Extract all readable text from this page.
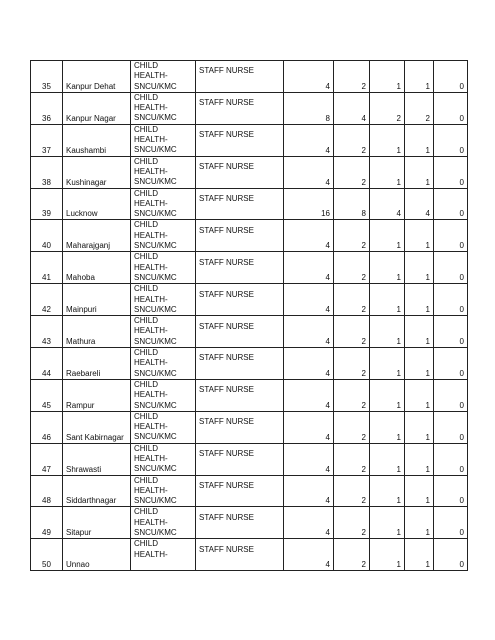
35	Kanpur Dehat	CHILD
HEALTH-
SNCU/KMC	STAFF NURSE	4	2	1	1	0
36	Kanpur Nagar	CHILD
HEALTH-
SNCU/KMC	STAFF NURSE	8	4	2	2	0
37	Kaushambi	CHILD
HEALTH-
SNCU/KMC	STAFF NURSE	4	2	1	1	0
38	Kushinagar	CHILD
HEALTH-
SNCU/KMC	STAFF NURSE	4	2	1	1	0
39	Lucknow	CHILD
HEALTH-
SNCU/KMC	STAFF NURSE	16	8	4	4	0
40	Maharajganj	CHILD
HEALTH-
SNCU/KMC	STAFF NURSE	4	2	1	1	0
41	Mahoba	CHILD
HEALTH-
SNCU/KMC	STAFF NURSE	4	2	1	1	0
42	Mainpuri	CHILD
HEALTH-
SNCU/KMC	STAFF NURSE	4	2	1	1	0
43	Mathura	CHILD
HEALTH-
SNCU/KMC	STAFF NURSE	4	2	1	1	0
44	Raebareli	CHILD
HEALTH-
SNCU/KMC	STAFF NURSE	4	2	1	1	0
45	Rampur	CHILD
HEALTH-
SNCU/KMC	STAFF NURSE	4	2	1	1	0
46	Sant Kabirnagar	CHILD
HEALTH-
SNCU/KMC	STAFF NURSE	4	2	1	1	0
47	Shrawasti	CHILD
HEALTH-
SNCU/KMC	STAFF NURSE	4	2	1	1	0
48	Siddarthnagar	CHILD
HEALTH-
SNCU/KMC	STAFF NURSE	4	2	1	1	0
49	Sitapur	CHILD
HEALTH-
SNCU/KMC	STAFF NURSE	4	2	1	1	0
50	Unnao	CHILD
HEALTH-	STAFF NURSE	4	2	1	1	0
